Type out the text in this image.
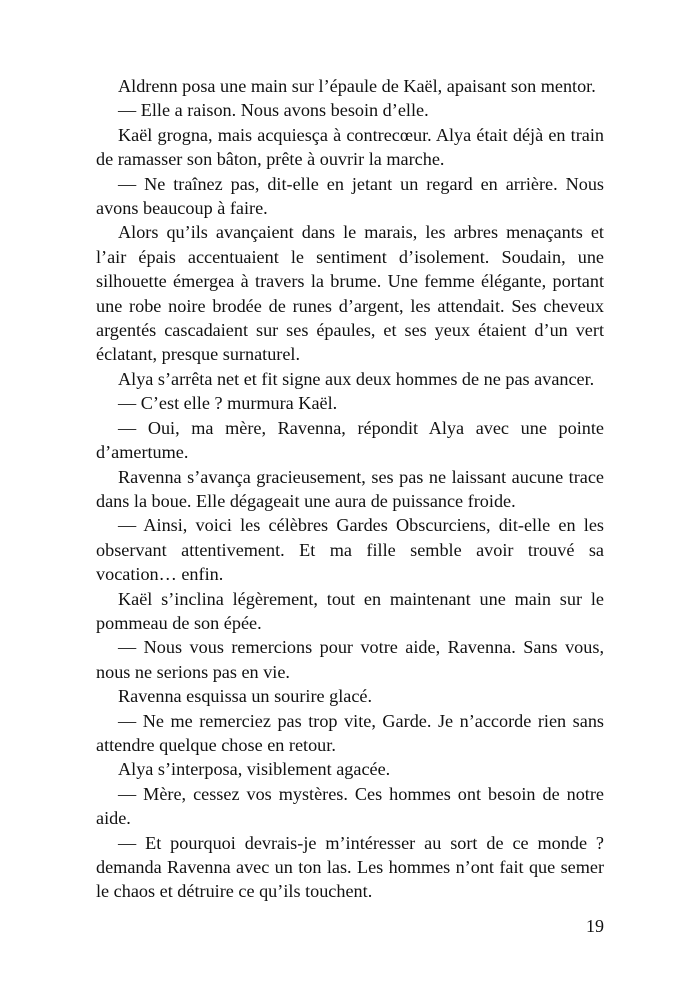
Aldrenn posa une main sur l’épaule de Kaël, apaisant son mentor.

— Elle a raison. Nous avons besoin d’elle.

Kaël grogna, mais acquiesça à contrecœur. Alya était déjà en train de ramasser son bâton, prête à ouvrir la marche.

— Ne traînez pas, dit-elle en jetant un regard en arrière. Nous avons beaucoup à faire.

Alors qu’ils avançaient dans le marais, les arbres menaçants et l’air épais accentuaient le sentiment d’isolement. Soudain, une silhouette émergea à travers la brume. Une femme élégante, portant une robe noire brodée de runes d’argent, les attendait. Ses cheveux argentés cascadaient sur ses épaules, et ses yeux étaient d’un vert éclatant, presque surnaturel.

Alya s’arrêta net et fit signe aux deux hommes de ne pas avancer.

— C’est elle ? murmura Kaël.

— Oui, ma mère, Ravenna, répondit Alya avec une pointe d’amertume.

Ravenna s’avança gracieusement, ses pas ne laissant aucune trace dans la boue. Elle dégageait une aura de puissance froide.

— Ainsi, voici les célèbres Gardes Obscurciens, dit-elle en les observant attentivement. Et ma fille semble avoir trouvé sa vocation… enfin.

Kaël s’inclina légèrement, tout en maintenant une main sur le pommeau de son épée.

— Nous vous remercions pour votre aide, Ravenna. Sans vous, nous ne serions pas en vie.

Ravenna esquissa un sourire glacé.

— Ne me remerciez pas trop vite, Garde. Je n’accorde rien sans attendre quelque chose en retour.

Alya s’interposa, visiblement agacée.

— Mère, cessez vos mystères. Ces hommes ont besoin de notre aide.

— Et pourquoi devrais-je m’intéresser au sort de ce monde ? demanda Ravenna avec un ton las. Les hommes n’ont fait que semer le chaos et détruire ce qu’ils touchent.

19
